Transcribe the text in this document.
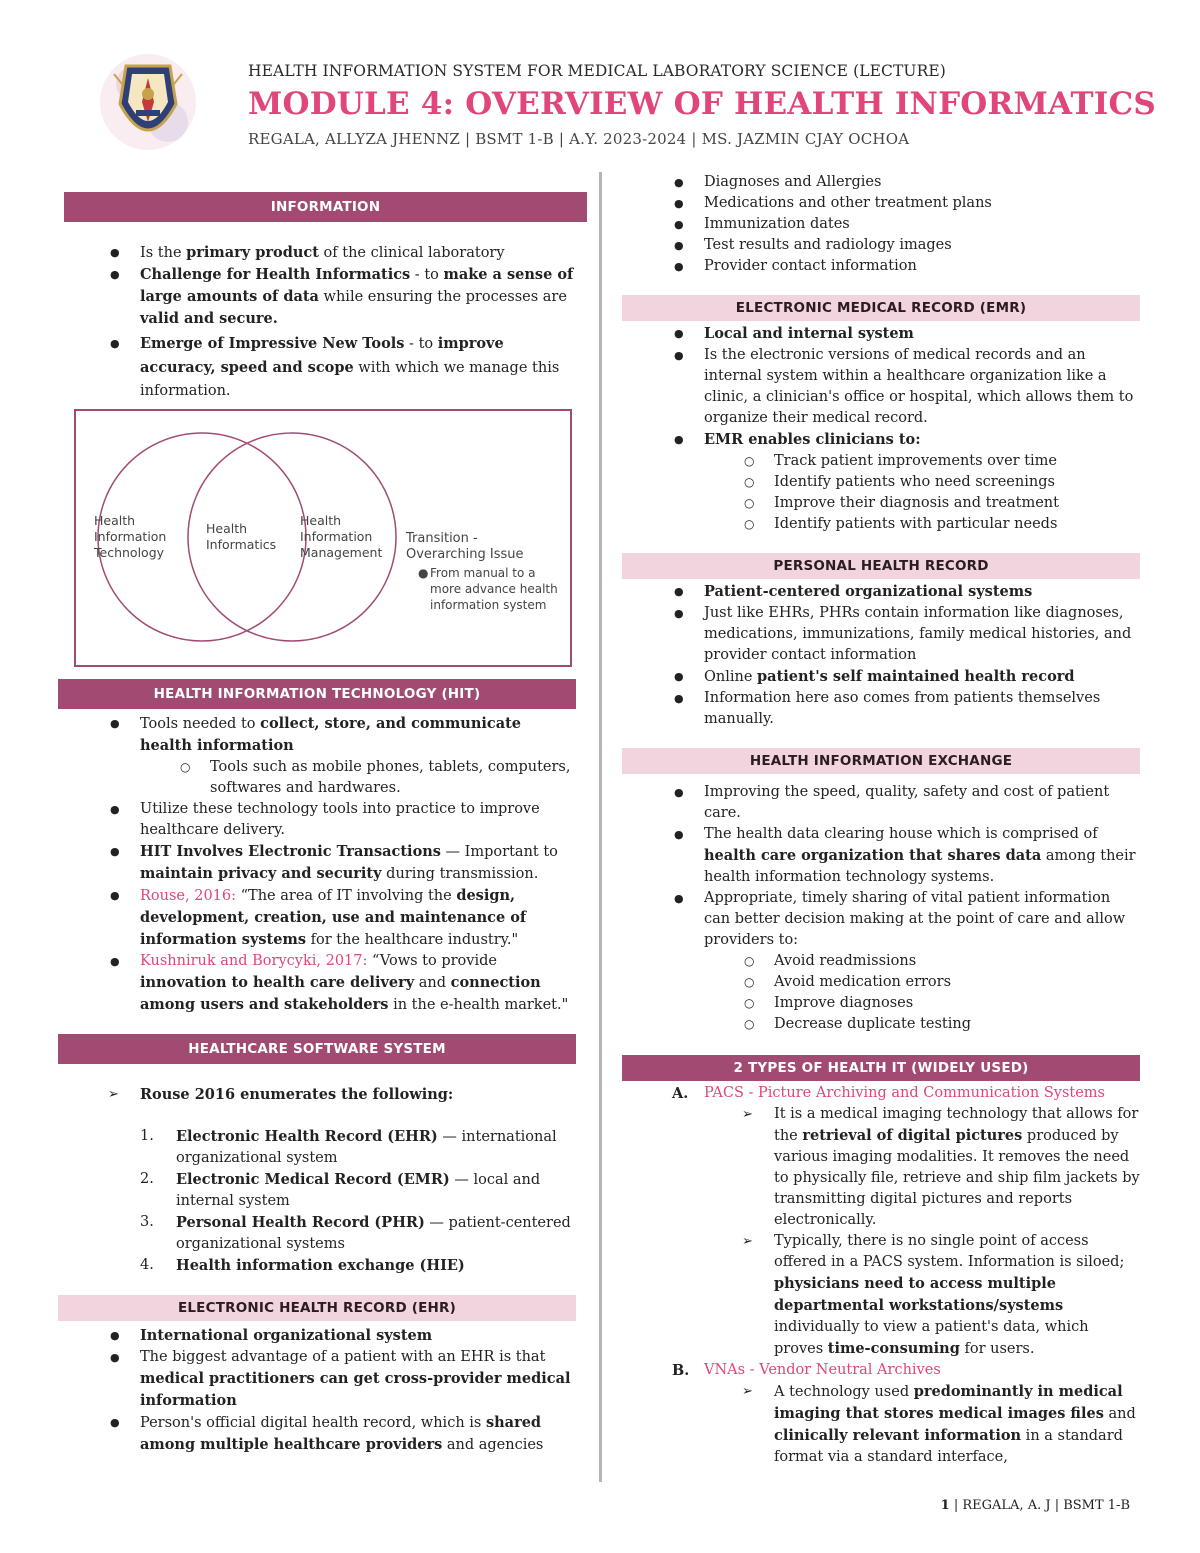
HEALTH INFORMATION SYSTEM FOR MEDICAL LABORATORY SCIENCE (LECTURE)
MODULE 4: OVERVIEW OF HEALTH INFORMATICS
REGALA, ALLYZA JHENNZ | BSMT 1-B | A.Y. 2023-2024 | MS. JAZMIN CJAY OCHOA
INFORMATION
● Is the primary product of the clinical laboratory
● Challenge for Health Informatics - to make a sense of large amounts of data while ensuring the processes are valid and secure.
● Emerge of Impressive New Tools - to improve accuracy, speed and scope with which we manage this information.
Health Information Technology
Health Informatics
Health Information Management
Transition - Overarching Issue
● From manual to a more advance health information system
HEALTH INFORMATION TECHNOLOGY (HIT)
● Tools needed to collect, store, and communicate health information
○ Tools such as mobile phones, tablets, computers, softwares and hardwares.
● Utilize these technology tools into practice to improve healthcare delivery.
● HIT Involves Electronic Transactions — Important to maintain privacy and security during transmission.
● Rouse, 2016: “The area of IT involving the design, development, creation, use and maintenance of information systems for the healthcare industry."
● Kushniruk and Borycyki, 2017: “Vows to provide innovation to health care delivery and connection among users and stakeholders in the e-health market."
HEALTHCARE SOFTWARE SYSTEM
➢ Rouse 2016 enumerates the following:
1. Electronic Health Record (EHR) — international organizational system
2. Electronic Medical Record (EMR) — local and internal system
3. Personal Health Record (PHR) — patient-centered organizational systems
4. Health information exchange (HIE)
ELECTRONIC HEALTH RECORD (EHR)
● International organizational system
● The biggest advantage of a patient with an EHR is that medical practitioners can get cross-provider medical information
● Person's official digital health record, which is shared among multiple healthcare providers and agencies
● Diagnoses and Allergies
● Medications and other treatment plans
● Immunization dates
● Test results and radiology images
● Provider contact information
ELECTRONIC MEDICAL RECORD (EMR)
● Local and internal system
● Is the electronic versions of medical records and an internal system within a healthcare organization like a clinic, a clinician's office or hospital, which allows them to organize their medical record.
● EMR enables clinicians to:
○ Track patient improvements over time
○ Identify patients who need screenings
○ Improve their diagnosis and treatment
○ Identify patients with particular needs
PERSONAL HEALTH RECORD
● Patient-centered organizational systems
● Just like EHRs, PHRs contain information like diagnoses, medications, immunizations, family medical histories, and provider contact information
● Online patient's self maintained health record
● Information here aso comes from patients themselves manually.
HEALTH INFORMATION EXCHANGE
● Improving the speed, quality, safety and cost of patient care.
● The health data clearing house which is comprised of health care organization that shares data among their health information technology systems.
● Appropriate, timely sharing of vital patient information can better decision making at the point of care and allow providers to:
○ Avoid readmissions
○ Avoid medication errors
○ Improve diagnoses
○ Decrease duplicate testing
2 TYPES OF HEALTH IT (WIDELY USED)
A. PACS - Picture Archiving and Communication Systems
➢ It is a medical imaging technology that allows for the retrieval of digital pictures produced by various imaging modalities. It removes the need to physically file, retrieve and ship film jackets by transmitting digital pictures and reports electronically.
➢ Typically, there is no single point of access offered in a PACS system. Information is siloed; physicians need to access multiple departmental workstations/systems individually to view a patient's data, which proves time-consuming for users.
B. VNAs - Vendor Neutral Archives
➢ A technology used predominantly in medical imaging that stores medical images files and clinically relevant information in a standard format via a standard interface,
1 | REGALA, A. J | BSMT 1-B
